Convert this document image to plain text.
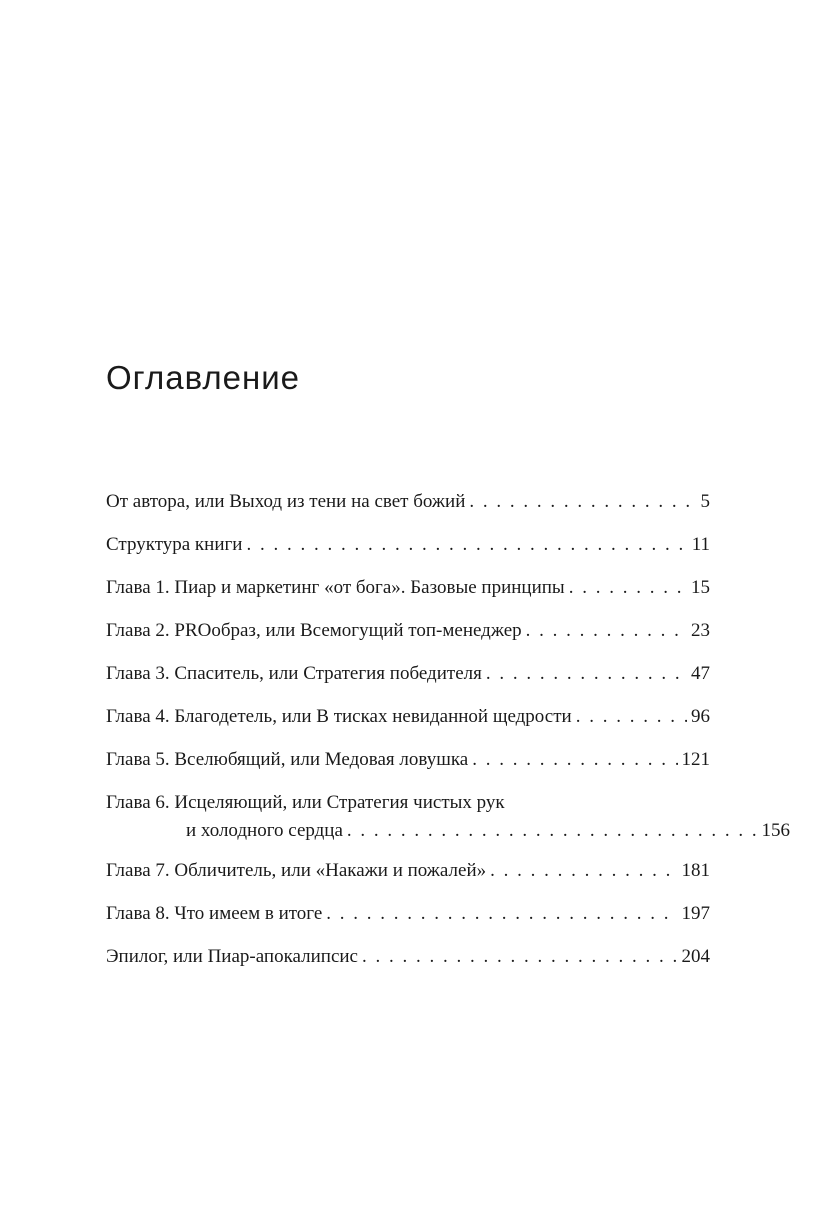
Оглавление
От автора, или Выход из тени на свет божий . . .	5
Структура книги . . .	11
Глава 1. Пиар и маркетинг «от бога». Базовые принципы . . .	15
Глава 2. PROобраз, или Всемогущий топ-менеджер . . .	23
Глава 3. Спаситель, или Стратегия победителя . . .	47
Глава 4. Благодетель, или В тисках невиданной щедрости . . .	96
Глава 5. Вселюбящий, или Медовая ловушка . . .	121
Глава 6. Исцеляющий, или Стратегия чистых рук
и холодного сердца . . .	156
Глава 7. Обличитель, или «Накажи и пожалей» . . .	181
Глава 8. Что имеем в итоге . . .	197
Эпилог, или Пиар-апокалипсис . . .	204
